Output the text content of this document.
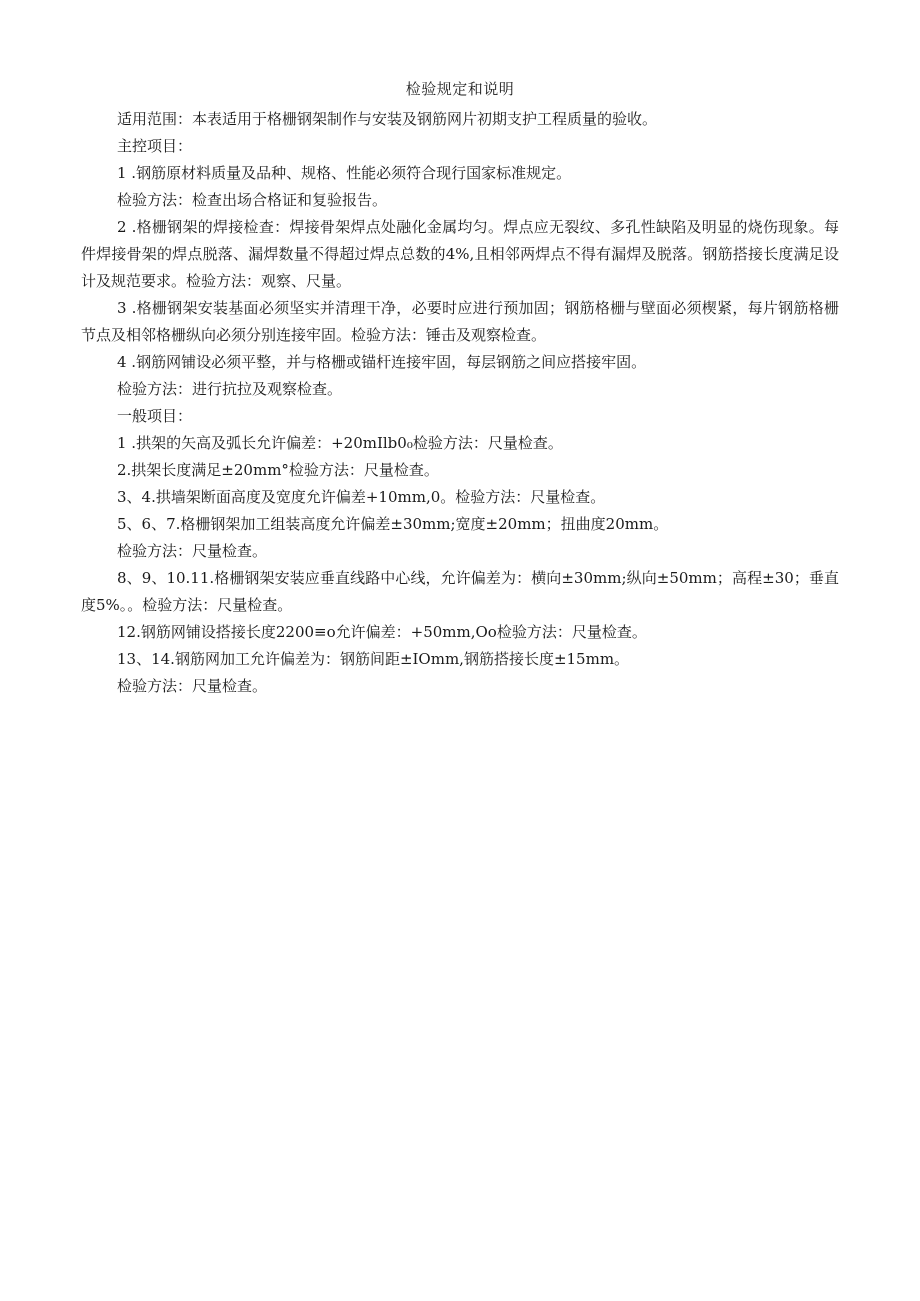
检验规定和说明

适用范围：本表适用于格栅钢架制作与安装及钢筋网片初期支护工程质量的验收。

主控项目：

1 .钢筋原材料质量及品种、规格、性能必须符合现行国家标准规定。

检验方法：检查出场合格证和复验报告。

2 .格栅钢架的焊接检查：焊接骨架焊点处融化金属均匀。焊点应无裂纹、多孔性缺陷及明显的烧伤现象。每件焊接骨架的焊点脱落、漏焊数量不得超过焊点总数的4%,且相邻两焊点不得有漏焊及脱落。钢筋搭接长度满足设计及规范要求。检验方法：观察、尺量。

3 .格栅钢架安装基面必须坚实并清理干净，必要时应进行预加固；钢筋格栅与壁面必须楔紧，每片钢筋格栅节点及相邻格栅纵向必须分别连接牢固。检验方法：锤击及观察检查。

4 .钢筋网铺设必须平整，并与格栅或锚杆连接牢固，每层钢筋之间应搭接牢固。

检验方法：进行抗拉及观察检查。

一般项目：

1 .拱架的矢高及弧长允许偏差：+20mIlb0₀检验方法：尺量检查。

2.拱架长度满足±20mm°检验方法：尺量检查。

3、4.拱墙架断面高度及宽度允许偏差+10mm,0。检验方法：尺量检查。

5、6、7.格栅钢架加工组装高度允许偏差±30mm;宽度±20mm；扭曲度20mm。

检验方法：尺量检查。

8、9、10.11.格栅钢架安装应垂直线路中心线，允许偏差为：横向±30mm;纵向±50mm；高程±30；垂直度5%。。检验方法：尺量检查。

12.钢筋网铺设搭接长度2200≡o允许偏差：+50mm,Oo检验方法：尺量检查。

13、14.钢筋网加工允许偏差为：钢筋间距±IOmm,钢筋搭接长度±15mm。

检验方法：尺量检查。
